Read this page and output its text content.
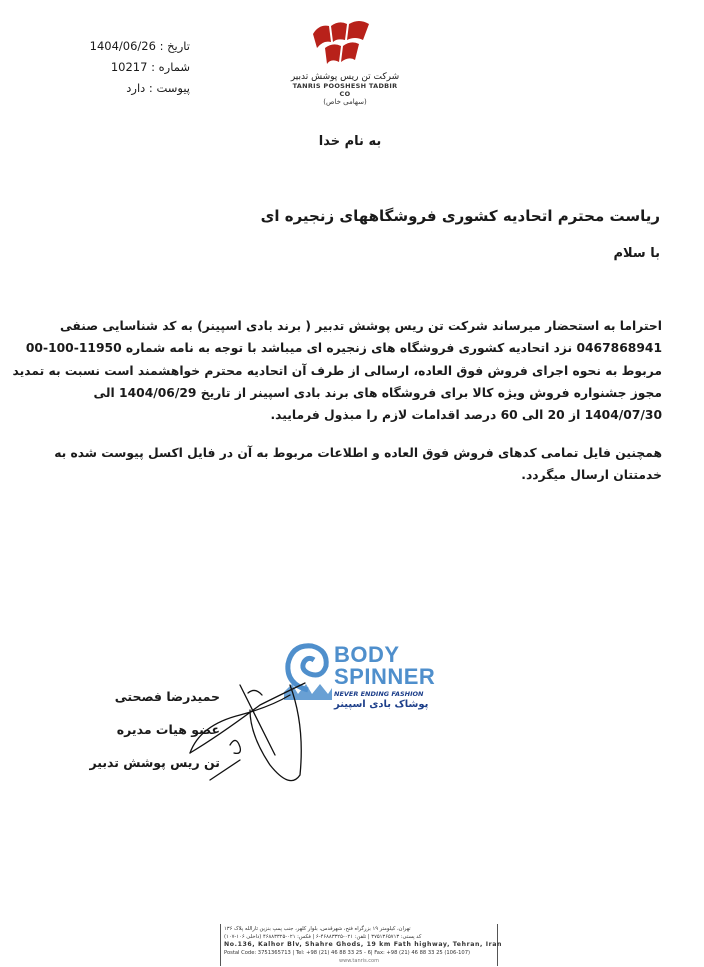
تاریخ : 1404/06/26
شماره : 10217
پیوست : دارد
شرکت تن ریس پوشش تدبیر
TANRIS POOSHESH TADBIR CO
(سهامی خاص)
به نام خدا
ریاست محترم اتحادیه کشوری فروشگاههای زنجیره ای
با سلام
احتراما به استحضار میرساند شرکت تن ریس پوشش تدبیر ( برند بادی اسپینر) به کد شناسایی صنفی
0467868941 نزد اتحادیه کشوری فروشگاه های زنجیره ای میباشد با توجه به نامه شماره 11950-100-00
مربوط به نحوه اجرای فروش فوق العاده، ارسالی از طرف آن اتحادیه محترم خواهشمند است نسبت به تمدید
مجوز جشنواره فروش ویژه کالا برای فروشگاه های برند بادی اسپینر از تاریخ 1404/06/29 الی
1404/07/30 از 20 الی 60 درصد اقدامات لازم را مبذول فرمایید.
همچنین فایل تمامی کدهای فروش فوق العاده و اطلاعات مربوط به آن در فایل اکسل پیوست شده به
خدمتتان ارسال میگردد.
BODY
SPINNER
NEVER ENDING FASHION
پوشاک بادی اسپینر
حمیدرضا فصحتی
عضو هیات مدیره
تن ریس پوشش تدبیر
تهران، کیلومتر ۱۹ بزرگراه فتح، شهرقدس، بلوار کلهر، جنب پمپ بنزین ثارالله پلاک ۱۳۶
کد پستی: ۳۷۵۱۳۶۵۷۱۳ | تلفن: ۰۲۱-۴۶۸۸۳۳۲۵-۶ | فکس: ۰۲۱-۴۶۸۸۳۳۲۵ (داخلی ۱۰۶-۱۰۷)
No.136, Kalhor Blv, Shahre Ghods, 19 km Fath highway, Tehran, Iran
Postal Code: 3751365713 | Tel: +98 (21) 46 88 33 25 - 6| Fax: +98 (21) 46 88 33 25 (106-107)
www.tanris.com
